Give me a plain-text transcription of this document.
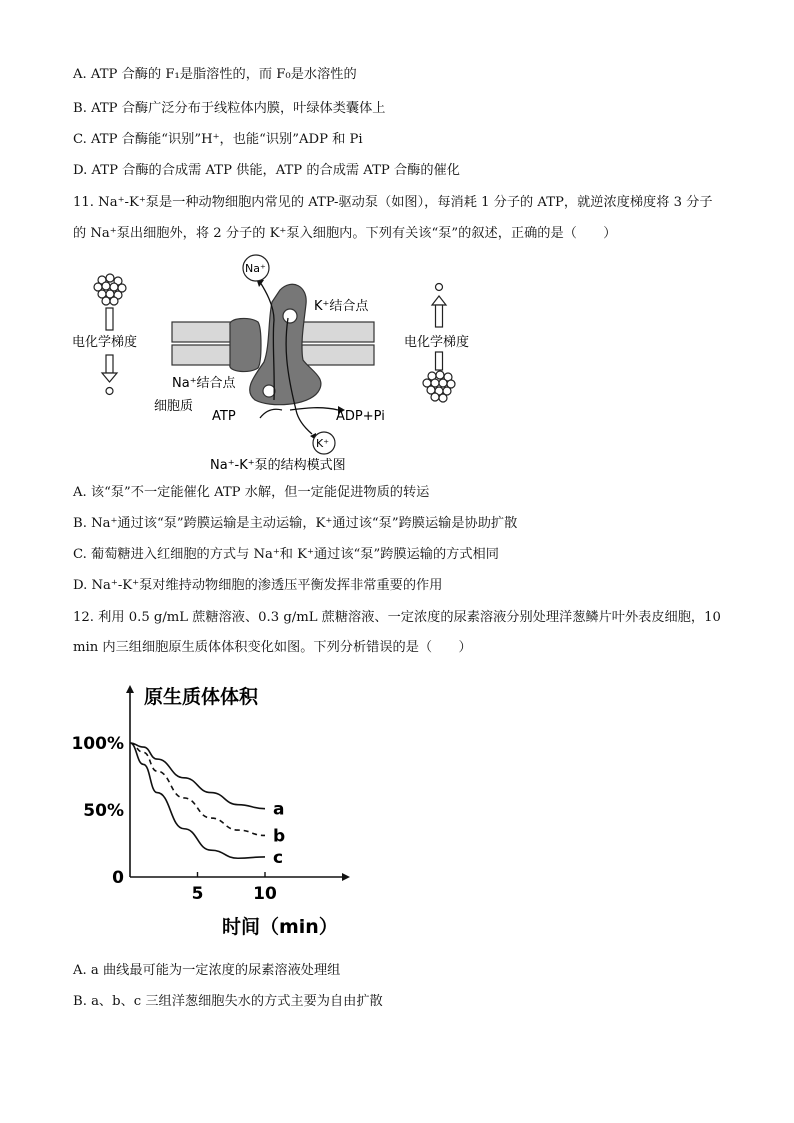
A. ATP 合酶的 F₁是脂溶性的，而 F₀是水溶性的
B. ATP 合酶广泛分布于线粒体内膜，叶绿体类囊体上
C. ATP 合酶能“识别”H⁺，也能“识别”ADP 和 Pi
D. ATP 合酶的合成需 ATP 供能，ATP 的合成需 ATP 合酶的催化
11. Na⁺-K⁺泵是一种动物细胞内常见的 ATP-驱动泵（如图），每消耗 1 分子的 ATP，就逆浓度梯度将 3 分子
的 Na⁺泵出细胞外，将 2 分子的 K⁺泵入细胞内。下列有关该“泵”的叙述，正确的是（　　）
电化学梯度
Na⁺
K⁺结合点
Na⁺结合点
细胞质
ATP	ADP+Pi
K⁺
电化学梯度
Na⁺-K⁺泵的结构模式图
A. 该“泵”不一定能催化 ATP 水解，但一定能促进物质的转运
B. Na⁺通过该“泵”跨膜运输是主动运输，K⁺通过该“泵”跨膜运输是协助扩散
C. 葡萄糖进入红细胞的方式与 Na⁺和 K⁺通过该“泵”跨膜运输的方式相同
D. Na⁺-K⁺泵对维持动物细胞的渗透压平衡发挥非常重要的作用
12. 利用 0.5 g/mL 蔗糖溶液、0.3 g/mL 蔗糖溶液、一定浓度的尿素溶液分别处理洋葱鳞片叶外表皮细胞，10
min 内三组细胞原生质体体积变化如图。下列分析错误的是（　　）
0
50%
100%
5	10
原生质体体积
时间（min）
a
b
c
A. a 曲线最可能为一定浓度的尿素溶液处理组
B. a、b、c 三组洋葱细胞失水的方式主要为自由扩散
